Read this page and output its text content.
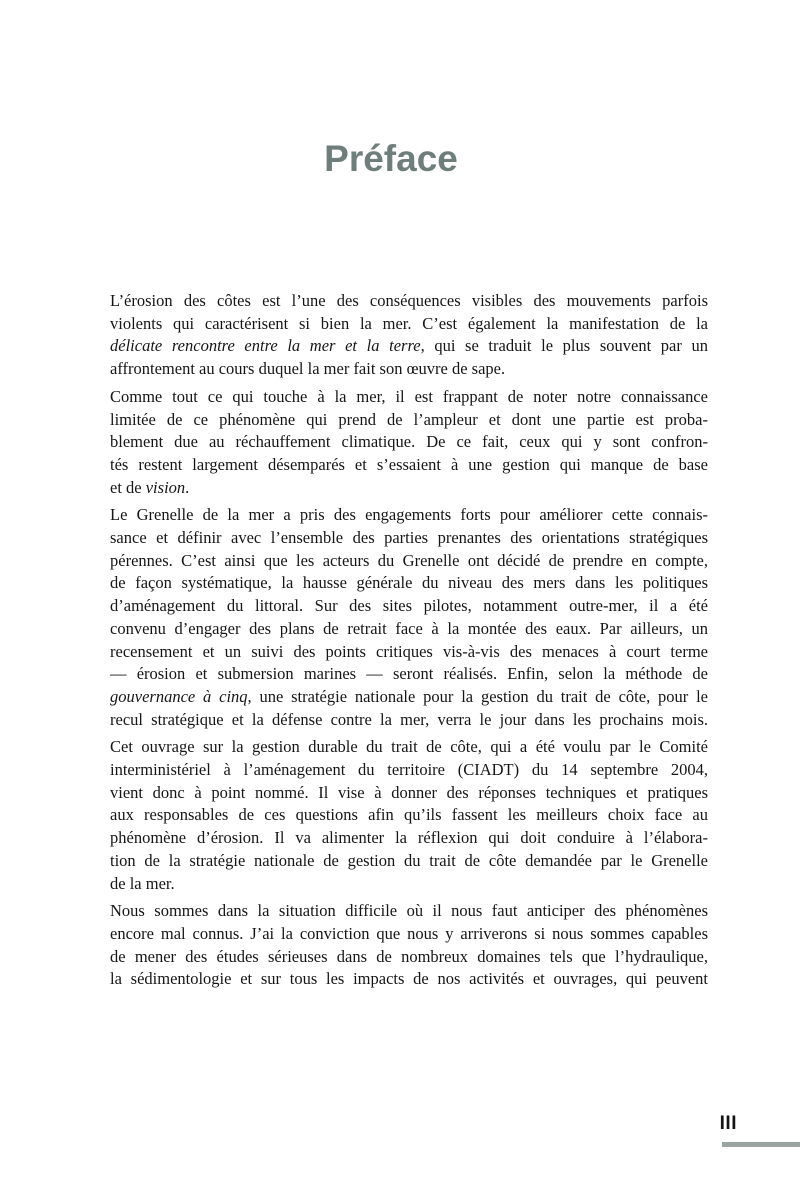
Préface
L’érosion des côtes est l’une des conséquences visibles des mouvements parfois
violents qui caractérisent si bien la mer. C’est également la manifestation de la
délicate rencontre entre la mer et la terre, qui se traduit le plus souvent par un
affrontement au cours duquel la mer fait son œuvre de sape.
Comme tout ce qui touche à la mer, il est frappant de noter notre connaissance
limitée de ce phénomène qui prend de l’ampleur et dont une partie est proba-
blement due au réchauffement climatique. De ce fait, ceux qui y sont confron-
tés restent largement désemparés et s’essaient à une gestion qui manque de base
et de vision.
Le Grenelle de la mer a pris des engagements forts pour améliorer cette connais-
sance et définir avec l’ensemble des parties prenantes des orientations stratégiques
pérennes. C’est ainsi que les acteurs du Grenelle ont décidé de prendre en compte,
de façon systématique, la hausse générale du niveau des mers dans les politiques
d’aménagement du littoral. Sur des sites pilotes, notamment outre-mer, il a été
convenu d’engager des plans de retrait face à la montée des eaux. Par ailleurs, un
recensement et un suivi des points critiques vis-à-vis des menaces à court terme
— érosion et submersion marines — seront réalisés. Enfin, selon la méthode de
gouvernance à cinq, une stratégie nationale pour la gestion du trait de côte, pour le
recul stratégique et la défense contre la mer, verra le jour dans les prochains mois.
Cet ouvrage sur la gestion durable du trait de côte, qui a été voulu par le Comité
interministériel à l’aménagement du territoire (CIADT) du 14 septembre 2004,
vient donc à point nommé. Il vise à donner des réponses techniques et pratiques
aux responsables de ces questions afin qu’ils fassent les meilleurs choix face au
phénomène d’érosion. Il va alimenter la réflexion qui doit conduire à l’élabora-
tion de la stratégie nationale de gestion du trait de côte demandée par le Grenelle
de la mer.
Nous sommes dans la situation difficile où il nous faut anticiper des phénomènes
encore mal connus. J’ai la conviction que nous y arriverons si nous sommes capables
de mener des études sérieuses dans de nombreux domaines tels que l’hydraulique,
la sédimentologie et sur tous les impacts de nos activités et ouvrages, qui peuvent
III
